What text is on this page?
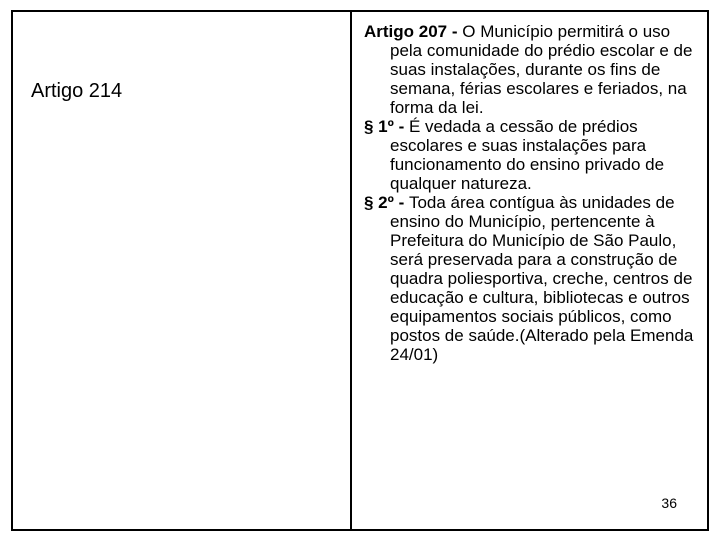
Artigo 214

Artigo 207 - O Município permitirá o uso pela comunidade do prédio escolar e de suas instalações, durante os fins de semana, férias escolares e feriados, na forma da lei.

§ 1º - É vedada a cessão de prédios escolares e suas instalações para funcionamento do ensino privado de qualquer natureza.

§ 2º - Toda área contígua às unidades de ensino do Município, pertencente à Prefeitura do Município de São Paulo, será preservada para a construção de quadra poliesportiva, creche, centros de educação e cultura, bibliotecas e outros equipamentos sociais públicos, como postos de saúde.(Alterado pela Emenda 24/01)

36
